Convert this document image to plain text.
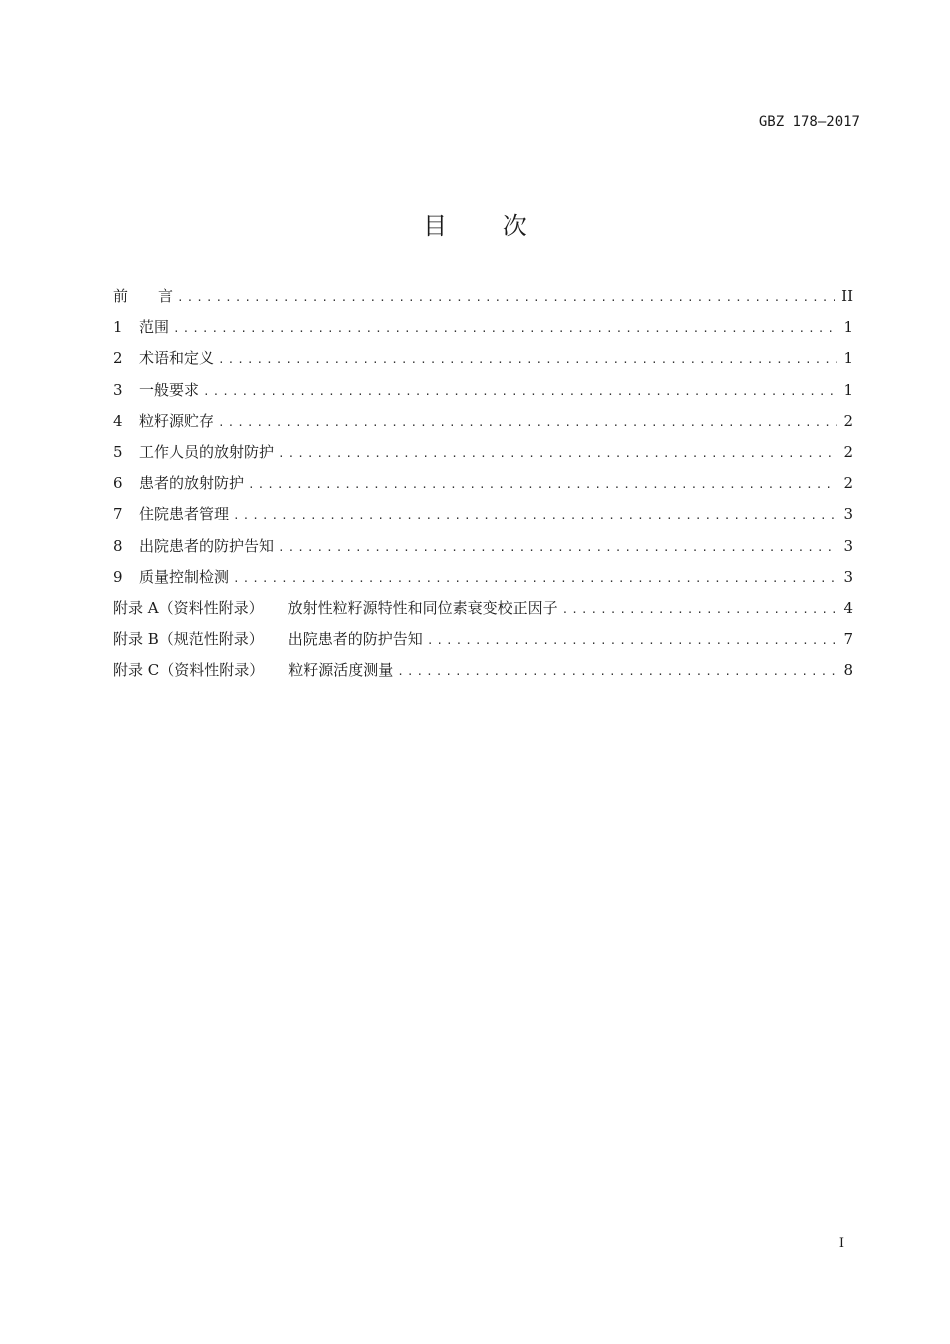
GBZ 178—2017
目 次
前　　言 .....	II
1	范围 .....	1
2	术语和定义 .....	1
3	一般要求 .....	1
4	粒籽源贮存 .....	2
5	工作人员的放射防护 .....	2
6	患者的放射防护 .....	2
7	住院患者管理 .....	3
8	出院患者的防护告知 .....	3
9	质量控制检测 .....	3
附录 A（资料性附录） 放射性粒籽源特性和同位素衰变校正因子 .....	4
附录 B（规范性附录） 出院患者的防护告知 .....	7
附录 C（资料性附录） 粒籽源活度测量 .....	8
I
